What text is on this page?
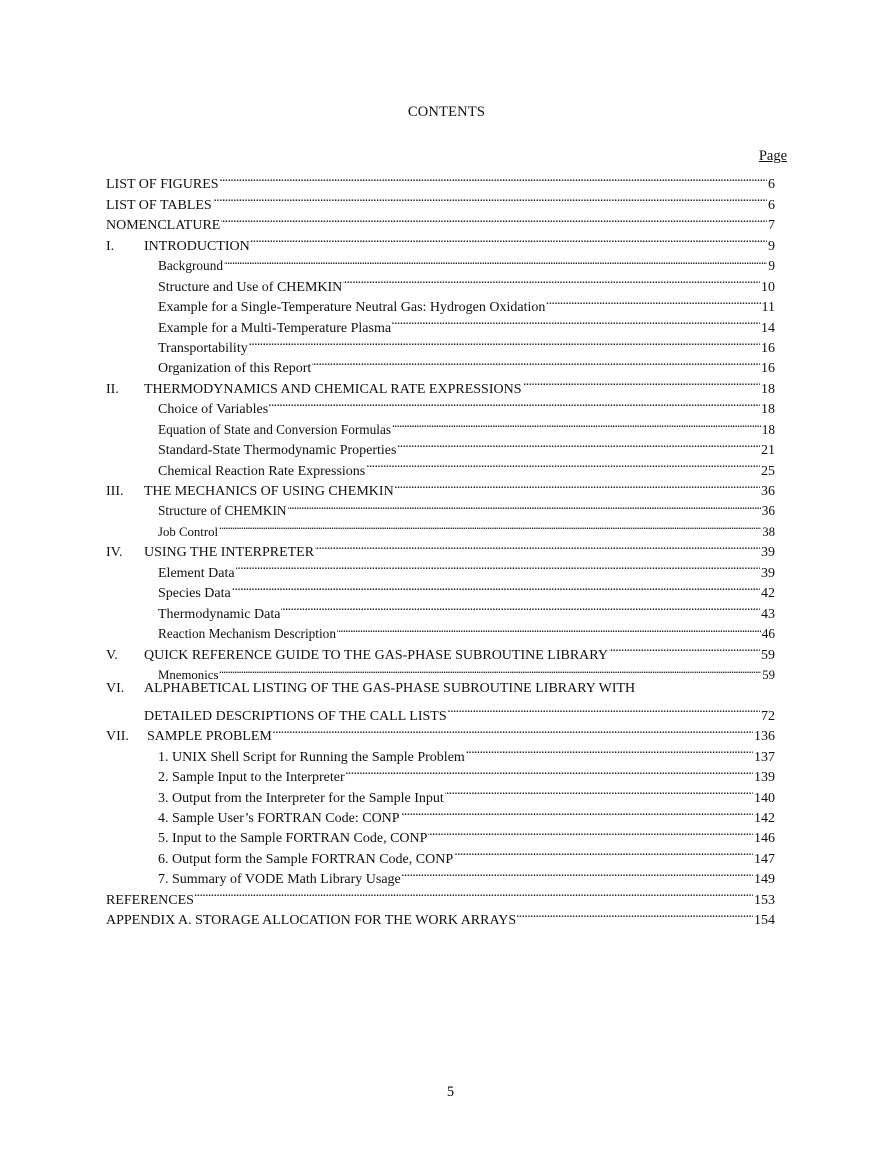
CONTENTS
Page
LIST OF FIGURES . . .	6
LIST OF TABLES . . .	6
NOMENCLATURE . . .	7
I.	INTRODUCTION . . .	9
Background . . .	9
Structure and Use of CHEMKIN . . .	10
Example for a Single-Temperature Neutral Gas: Hydrogen Oxidation . . .	11
Example for a Multi-Temperature Plasma . . .	14
Transportability . . .	16
Organization of this Report . . .	16
II.	THERMODYNAMICS AND CHEMICAL RATE EXPRESSIONS . . .	18
Choice of Variables . . .	18
Equation of State and Conversion Formulas . . .	18
Standard-State Thermodynamic Properties . . .	21
Chemical Reaction Rate Expressions . . .	25
III.	THE MECHANICS OF USING CHEMKIN . . .	36
Structure of CHEMKIN . . .	36
Job Control . . .	38
IV.	USING THE INTERPRETER . . .	39
Element Data . . .	39
Species Data . . .	42
Thermodynamic Data . . .	43
Reaction Mechanism Description . . .	46
V.	QUICK REFERENCE GUIDE TO THE GAS-PHASE SUBROUTINE LIBRARY . . .	59
Mnemonics . . .	59
VI.	ALPHABETICAL LISTING OF THE GAS-PHASE SUBROUTINE LIBRARY WITH
DETAILED DESCRIPTIONS OF THE CALL LISTS . . .	72
VII.	SAMPLE PROBLEM . . .	136
1. UNIX Shell Script for Running the Sample Problem . . .	137
2. Sample Input to the Interpreter . . .	139
3. Output from the Interpreter for the Sample Input . . .	140
4. Sample User’s FORTRAN Code: CONP . . .	142
5. Input to the Sample FORTRAN Code, CONP . . .	146
6. Output form the Sample FORTRAN Code, CONP . . .	147
7. Summary of VODE Math Library Usage . . .	149
REFERENCES . . .	153
APPENDIX A. STORAGE ALLOCATION FOR THE WORK ARRAYS . . .	154
5
